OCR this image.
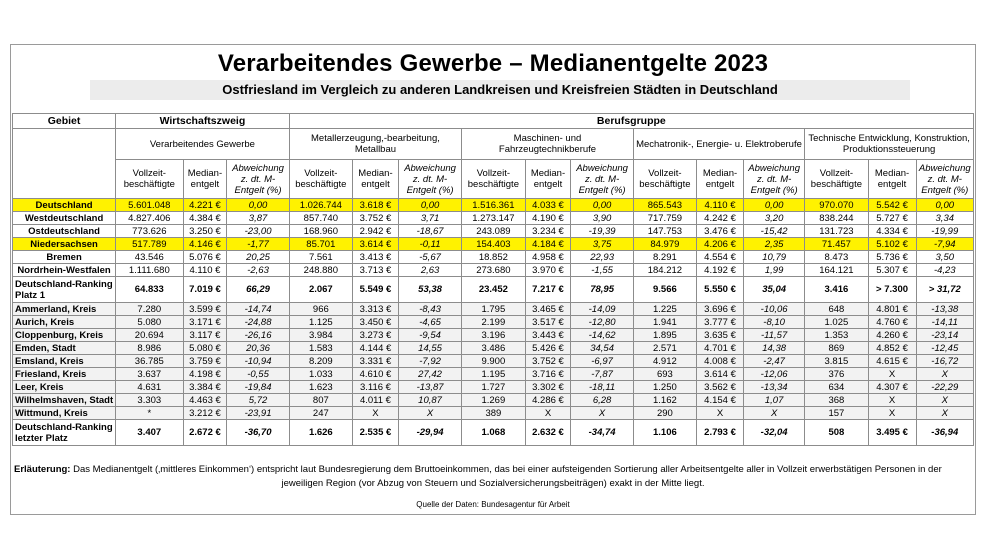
Verarbeitendes Gewerbe – Medianentgelte 2023
Ostfriesland im Vergleich zu anderen Landkreisen und Kreisfreien Städten in Deutschland
Gebiet	Wirtschaftszweig			Berufsgruppe											
	Verarbeitendes Gewerbe			Metallerzeugung,-bearbeitung, Metallbau			Maschinen- und Fahrzeugtechnikberufe			Mechatronik-, Energie- u. Elektroberufe			Technische Entwicklung, Konstruktion, Produktionssteuerung		
	Vollzeit-beschäftigte	Median-entgelt	Abweichung z. dt. M-Entgelt (%)	Vollzeit-beschäftigte	Median-entgelt	Abweichung z. dt. M-Entgelt (%)	Vollzeit-beschäftigte	Median-entgelt	Abweichung z. dt. M-Entgelt (%)	Vollzeit-beschäftigte	Median-entgelt	Abweichung z. dt. M-Entgelt (%)	Vollzeit-beschäftigte	Median-entgelt	Abweichung z. dt. M-Entgelt (%)
Deutschland	5.601.048	4.221 €	0,00	1.026.744	3.618 €	0,00	1.516.361	4.033 €	0,00	865.543	4.110 €	0,00	970.070	5.542 €	0,00
Westdeutschland	4.827.406	4.384 €	3,87	857.740	3.752 €	3,71	1.273.147	4.190 €	3,90	717.759	4.242 €	3,20	838.244	5.727 €	3,34
Ostdeutschland	773.626	3.250 €	-23,00	168.960	2.942 €	-18,67	243.089	3.234 €	-19,39	147.753	3.476 €	-15,42	131.723	4.334 €	-19,99
Niedersachsen	517.789	4.146 €	-1,77	85.701	3.614 €	-0,11	154.403	4.184 €	3,75	84.979	4.206 €	2,35	71.457	5.102 €	-7,94
Bremen	43.546	5.076 €	20,25	7.561	3.413 €	-5,67	18.852	4.958 €	22,93	8.291	4.554 €	10,79	8.473	5.736 €	3,50
Nordrhein-Westfalen	1.111.680	4.110 €	-2,63	248.880	3.713 €	2,63	273.680	3.970 €	-1,55	184.212	4.192 €	1,99	164.121	5.307 €	-4,23
Deutschland-Ranking Platz 1	64.833	7.019 €	66,29	2.067	5.549 €	53,38	23.452	7.217 €	78,95	9.566	5.550 €	35,04	3.416	> 7.300	> 31,72
Ammerland, Kreis	7.280	3.599 €	-14,74	966	3.313 €	-8,43	1.795	3.465 €	-14,09	1.225	3.696 €	-10,06	648	4.801 €	-13,38
Aurich, Kreis	5.080	3.171 €	-24,88	1.125	3.450 €	-4,65	2.199	3.517 €	-12,80	1.941	3.777 €	-8,10	1.025	4.760 €	-14,11
Cloppenburg, Kreis	20.694	3.117 €	-26,16	3.984	3.273 €	-9,54	3.196	3.443 €	-14,62	1.895	3.635 €	-11,57	1.353	4.260 €	-23,14
Emden, Stadt	8.986	5.080 €	20,36	1.583	4.144 €	14,55	3.486	5.426 €	34,54	2.571	4.701 €	14,38	869	4.852 €	-12,45
Emsland, Kreis	36.785	3.759 €	-10,94	8.209	3.331 €	-7,92	9.900	3.752 €	-6,97	4.912	4.008 €	-2,47	3.815	4.615 €	-16,72
Friesland, Kreis	3.637	4.198 €	-0,55	1.033	4.610 €	27,42	1.195	3.716 €	-7,87	693	3.614 €	-12,06	376	X	X
Leer, Kreis	4.631	3.384 €	-19,84	1.623	3.116 €	-13,87	1.727	3.302 €	-18,11	1.250	3.562 €	-13,34	634	4.307 €	-22,29
Wilhelmshaven, Stadt	3.303	4.463 €	5,72	807	4.011 €	10,87	1.269	4.286 €	6,28	1.162	4.154 €	1,07	368	X	X
Wittmund, Kreis	*	3.212 €	-23,91	247	X	X	389	X	X	290	X	X	157	X	X
Deutschland-Ranking letzter Platz	3.407	2.672 €	-36,70	1.626	2.535 €	-29,94	1.068	2.632 €	-34,74	1.106	2.793 €	-32,04	508	3.495 €	-36,94
Erläuterung: Das Medianentgelt (‚mittleres Einkommen‘) entspricht laut Bundesregierung dem Bruttoeinkommen, das bei einer aufsteigenden Sortierung aller Arbeitsentgelte aller in Vollzeit erwerbstätigen Personen in der
jeweiligen Region (vor Abzug von Steuern und Sozialversicherungsbeiträgen) exakt in der Mitte liegt.
Quelle der Daten: Bundesagentur für Arbeit
